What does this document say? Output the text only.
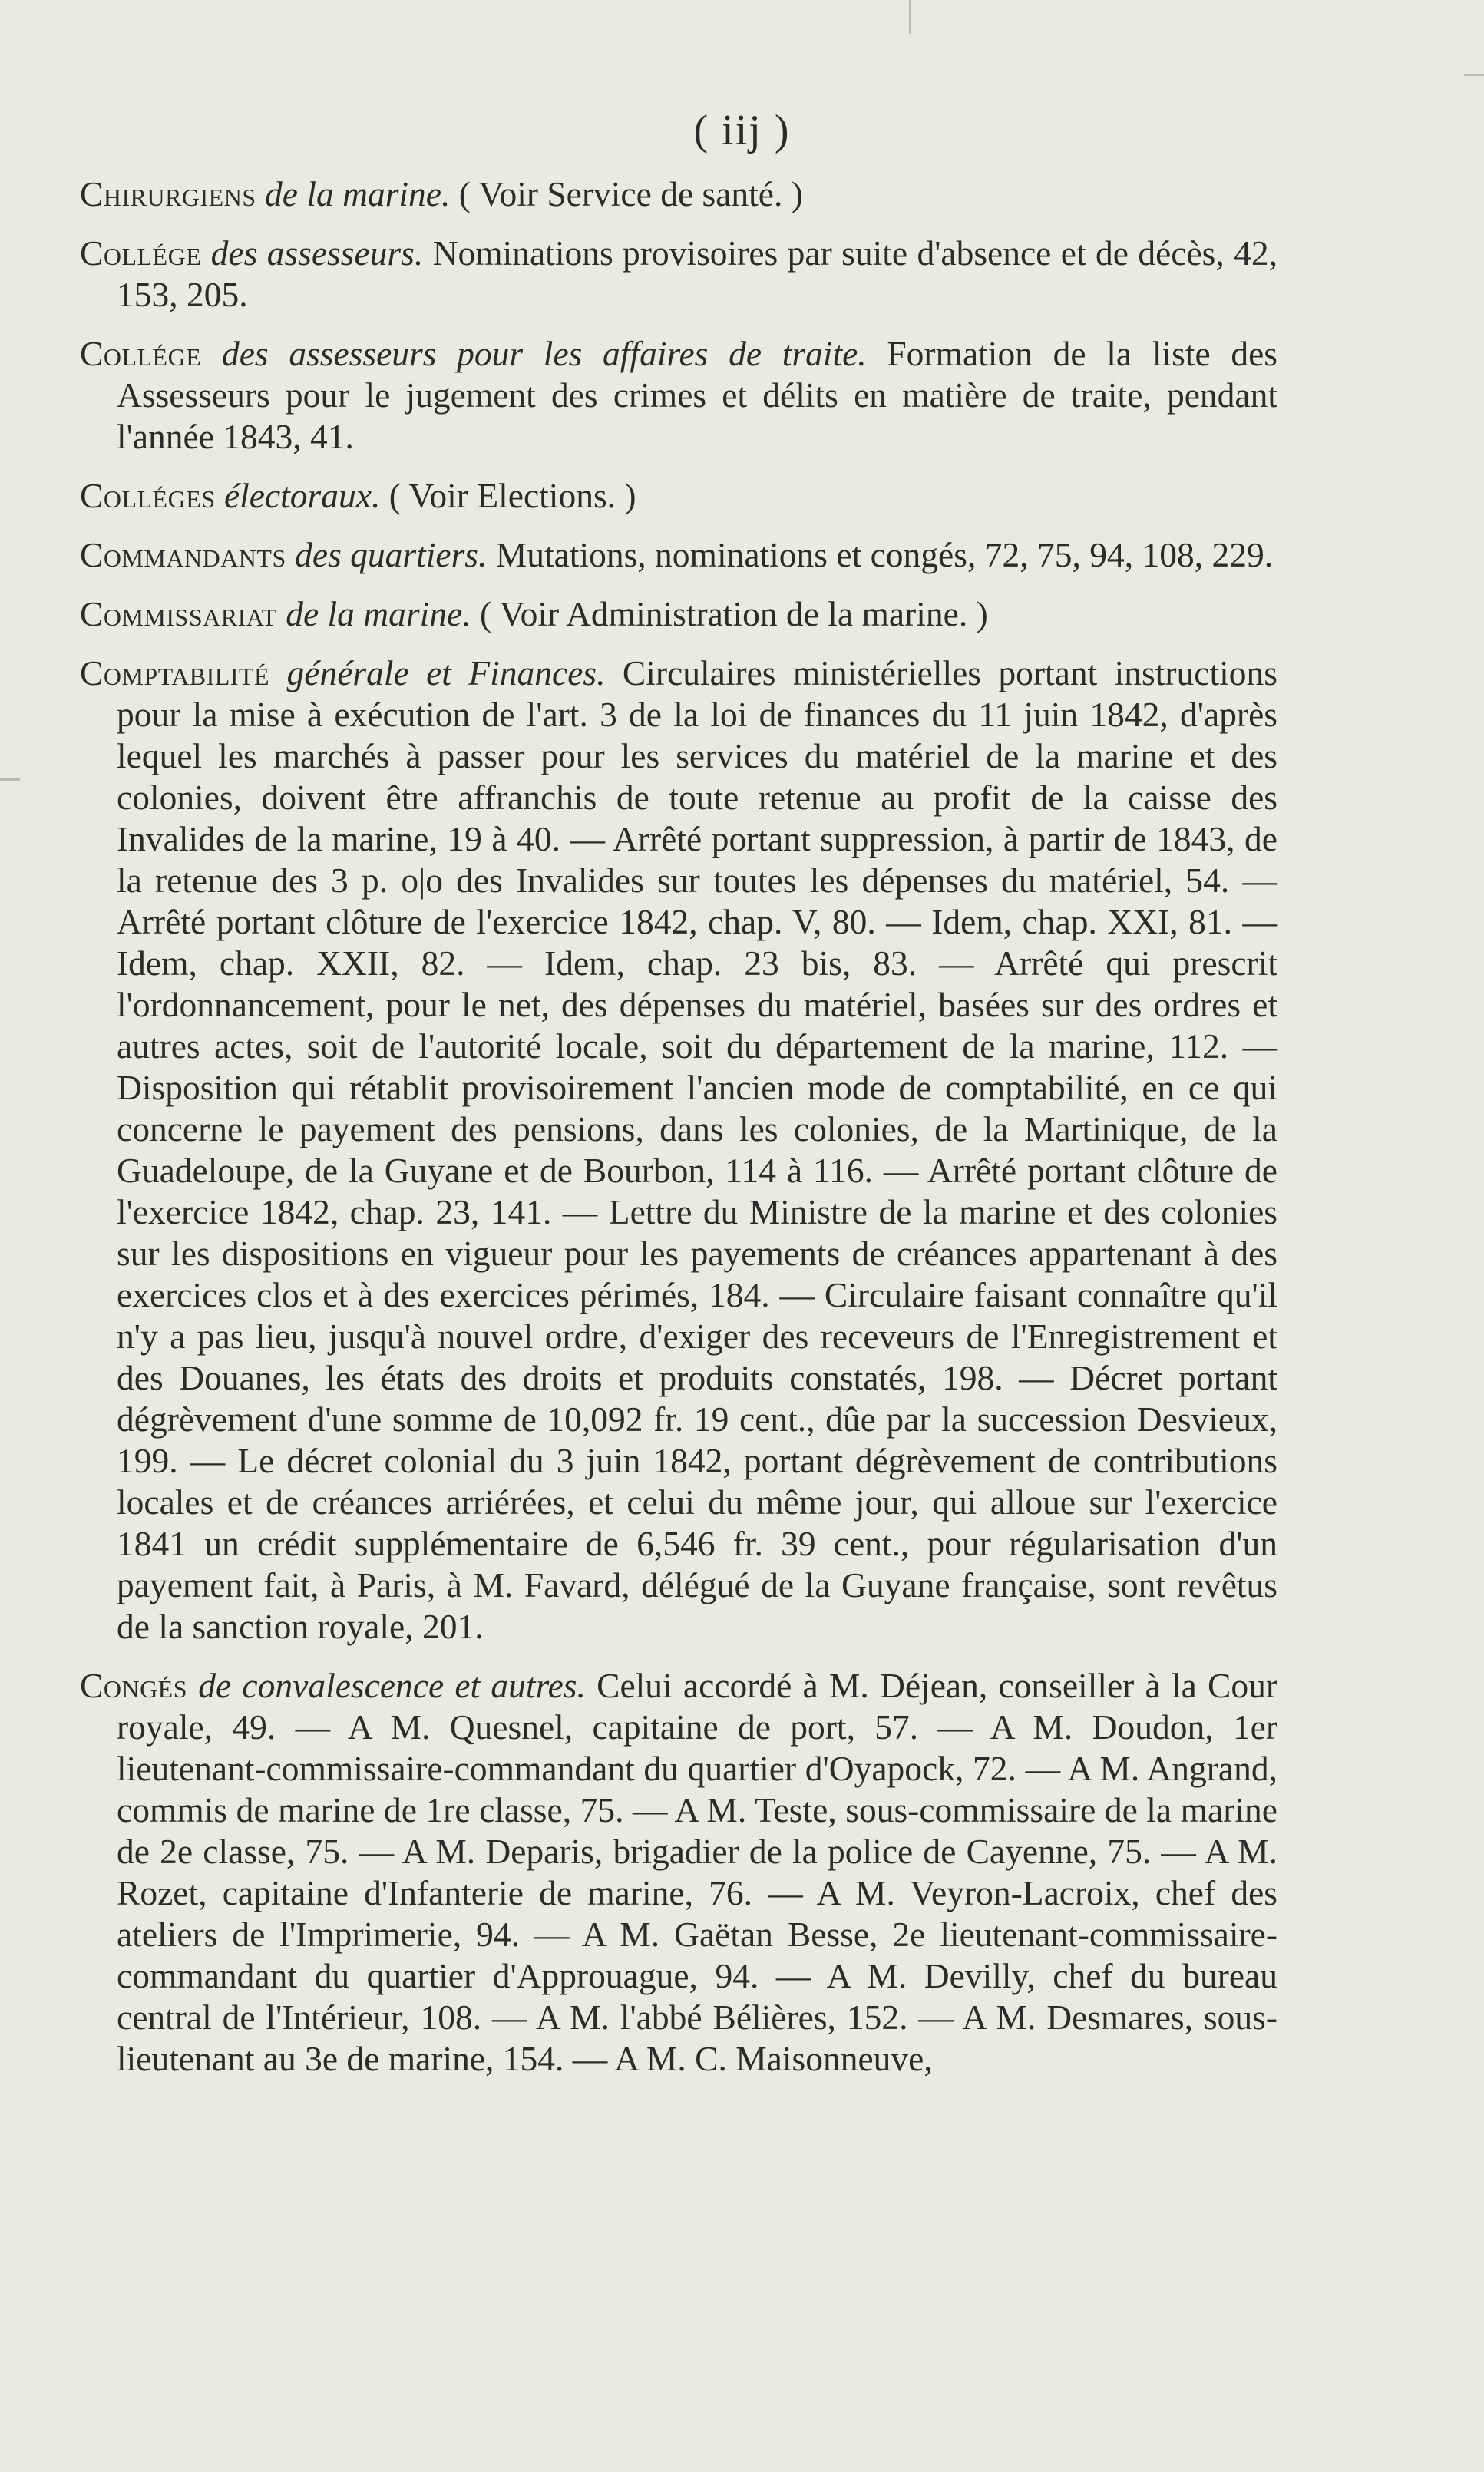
( iij )

Chirurgiens de la marine. ( Voir Service de santé. )

Collége des assesseurs. Nominations provisoires par suite d'absence et de décès, 42, 153, 205.

Collége des assesseurs pour les affaires de traite. Formation de la liste des Assesseurs pour le jugement des crimes et délits en matière de traite, pendant l'année 1843, 41.

Colléges électoraux. ( Voir Elections. )

Commandants des quartiers. Mutations, nominations et congés, 72, 75, 94, 108, 229.

Commissariat de la marine. ( Voir Administration de la marine. )

Comptabilité générale et Finances. Circulaires ministérielles portant instructions pour la mise à exécution de l'art. 3 de la loi de finances du 11 juin 1842, d'après lequel les marchés à passer pour les services du matériel de la marine et des colonies, doivent être affranchis de toute retenue au profit de la caisse des Invalides de la marine, 19 à 40. — Arrêté portant suppression, à partir de 1843, de la retenue des 3 p. o|o des Invalides sur toutes les dépenses du matériel, 54. — Arrêté portant clôture de l'exercice 1842, chap. V, 80. — Idem, chap. XXI, 81. — Idem, chap. XXII, 82. — Idem, chap. 23 bis, 83. — Arrêté qui prescrit l'ordonnancement, pour le net, des dépenses du matériel, basées sur des ordres et autres actes, soit de l'autorité locale, soit du département de la marine, 112. — Disposition qui rétablit provisoirement l'ancien mode de comptabilité, en ce qui concerne le payement des pensions, dans les colonies, de la Martinique, de la Guadeloupe, de la Guyane et de Bourbon, 114 à 116. — Arrêté portant clôture de l'exercice 1842, chap. 23, 141. — Lettre du Ministre de la marine et des colonies sur les dispositions en vigueur pour les payements de créances appartenant à des exercices clos et à des exercices périmés, 184. — Circulaire faisant connaître qu'il n'y a pas lieu, jusqu'à nouvel ordre, d'exiger des receveurs de l'Enregistrement et des Douanes, les états des droits et produits constatés, 198. — Décret portant dégrèvement d'une somme de 10,092 fr. 19 cent., dûe par la succession Desvieux, 199. — Le décret colonial du 3 juin 1842, portant dégrèvement de contributions locales et de créances arriérées, et celui du même jour, qui alloue sur l'exercice 1841 un crédit supplémentaire de 6,546 fr. 39 cent., pour régularisation d'un payement fait, à Paris, à M. Favard, délégué de la Guyane française, sont revêtus de la sanction royale, 201.

Congés de convalescence et autres. Celui accordé à M. Déjean, conseiller à la Cour royale, 49. — A M. Quesnel, capitaine de port, 57. — A M. Doudon, 1er lieutenant-commissaire-commandant du quartier d'Oyapock, 72. — A M. Angrand, commis de marine de 1re classe, 75. — A M. Teste, sous-commissaire de la marine de 2e classe, 75. — A M. Deparis, brigadier de la police de Cayenne, 75. — A M. Rozet, capitaine d'Infanterie de marine, 76. — A M. Veyron-Lacroix, chef des ateliers de l'Imprimerie, 94. — A M. Gaëtan Besse, 2e lieutenant-commissaire-commandant du quartier d'Approuague, 94. — A M. Devilly, chef du bureau central de l'Intérieur, 108. — A M. l'abbé Bélières, 152. — A M. Desmares, sous-lieutenant au 3e de marine, 154. — A M. C. Maisonneuve,
